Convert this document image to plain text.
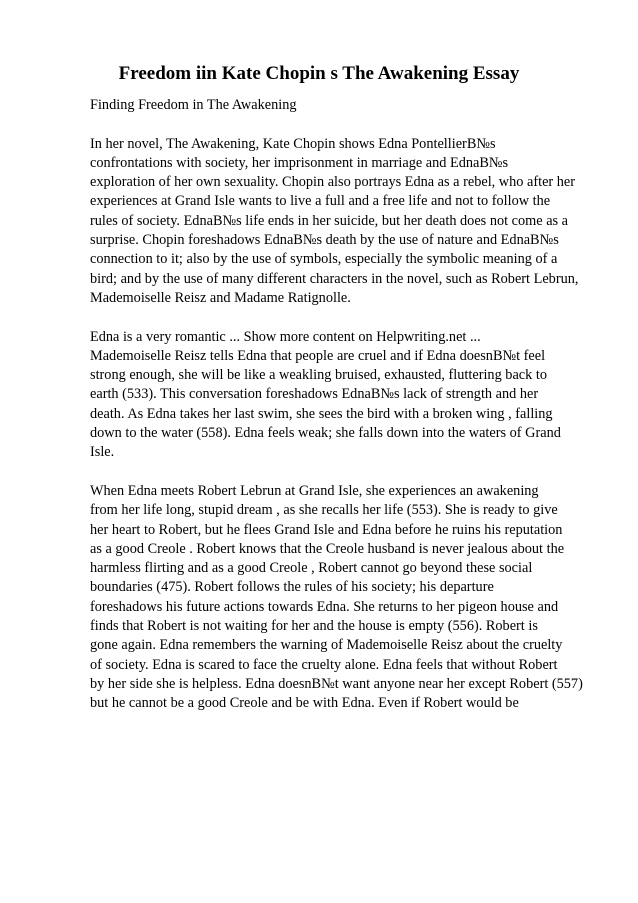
Freedom iin Kate Chopin s The Awakening Essay

Finding Freedom in The Awakening

In her novel, The Awakening, Kate Chopin shows Edna PontellierВ№s
confrontations with society, her imprisonment in marriage and EdnaВ№s
exploration of her own sexuality. Chopin also portrays Edna as a rebel, who after her
experiences at Grand Isle wants to live a full and a free life and not to follow the
rules of society. EdnaВ№s life ends in her suicide, but her death does not come as a
surprise. Chopin foreshadows EdnaВ№s death by the use of nature and EdnaВ№s
connection to it; also by the use of symbols, especially the symbolic meaning of a
bird; and by the use of many different characters in the novel, such as Robert Lebrun,
Mademoiselle Reisz and Madame Ratignolle.

Edna is a very romantic ... Show more content on Helpwriting.net ...
Mademoiselle Reisz tells Edna that people are cruel and if Edna doesnВ№t feel
strong enough, she will be like a weakling bruised, exhausted, fluttering back to
earth (533). This conversation foreshadows EdnaВ№s lack of strength and her
death. As Edna takes her last swim, she sees the bird with a broken wing , falling
down to the water (558). Edna feels weak; she falls down into the waters of Grand
Isle.

When Edna meets Robert Lebrun at Grand Isle, she experiences an awakening
from her life long, stupid dream , as she recalls her life (553). She is ready to give
her heart to Robert, but he flees Grand Isle and Edna before he ruins his reputation
as a good Creole . Robert knows that the Creole husband is never jealous about the
harmless flirting and as a good Creole , Robert cannot go beyond these social
boundaries (475). Robert follows the rules of his society; his departure
foreshadows his future actions towards Edna. She returns to her pigeon house and
finds that Robert is not waiting for her and the house is empty (556). Robert is
gone again. Edna remembers the warning of Mademoiselle Reisz about the cruelty
of society. Edna is scared to face the cruelty alone. Edna feels that without Robert
by her side she is helpless. Edna doesnВ№t want anyone near her except Robert (557)
but he cannot be a good Creole and be with Edna. Even if Robert would be
